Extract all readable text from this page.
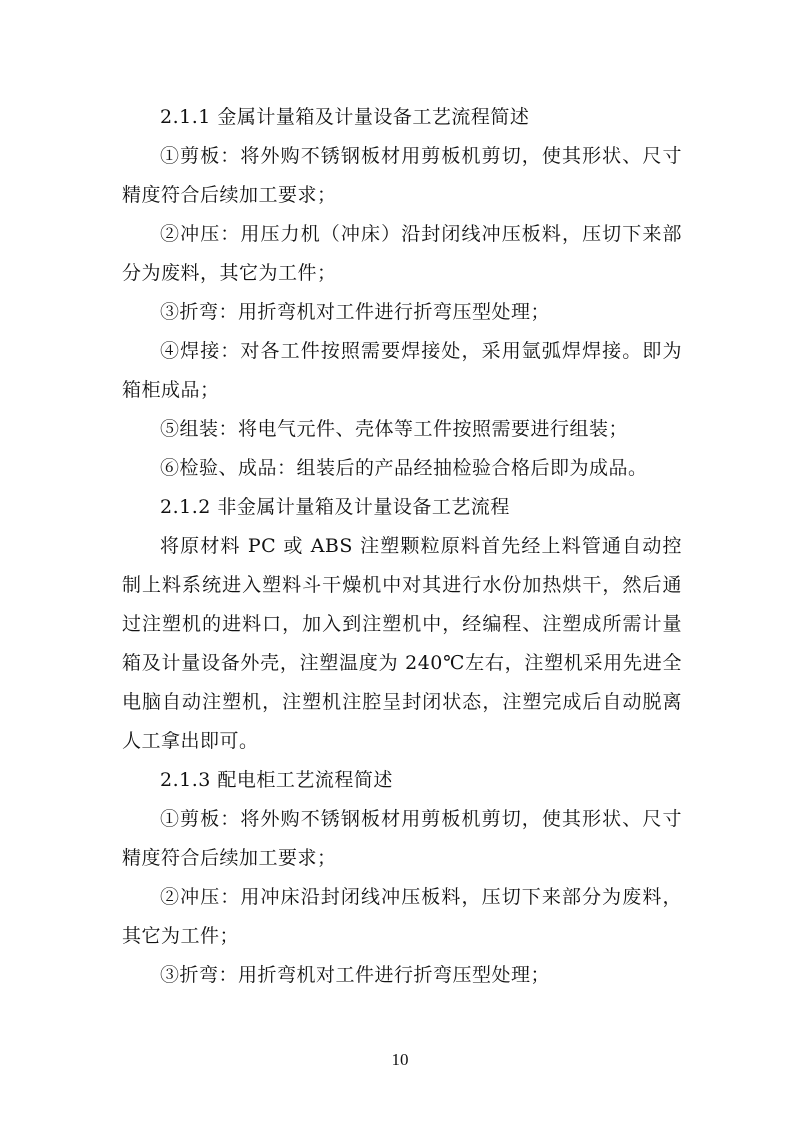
2.1.1 金属计量箱及计量设备工艺流程简述

①剪板：将外购不锈钢板材用剪板机剪切，使其形状、尺寸精度符合后续加工要求；

②冲压：用压力机（冲床）沿封闭线冲压板料，压切下来部分为废料，其它为工件；

③折弯：用折弯机对工件进行折弯压型处理；

④焊接：对各工件按照需要焊接处，采用氩弧焊焊接。即为箱柜成品；

⑤组装：将电气元件、壳体等工件按照需要进行组装；

⑥检验、成品：组装后的产品经抽检验合格后即为成品。

2.1.2 非金属计量箱及计量设备工艺流程

将原材料 PC 或 ABS 注塑颗粒原料首先经上料管通自动控制上料系统进入塑料斗干燥机中对其进行水份加热烘干，然后通过注塑机的进料口，加入到注塑机中，经编程、注塑成所需计量箱及计量设备外壳，注塑温度为 240℃左右，注塑机采用先进全电脑自动注塑机，注塑机注腔呈封闭状态，注塑完成后自动脱离人工拿出即可。

2.1.3 配电柜工艺流程简述

①剪板：将外购不锈钢板材用剪板机剪切，使其形状、尺寸精度符合后续加工要求；

②冲压：用冲床沿封闭线冲压板料，压切下来部分为废料，其它为工件；

③折弯：用折弯机对工件进行折弯压型处理；

10
